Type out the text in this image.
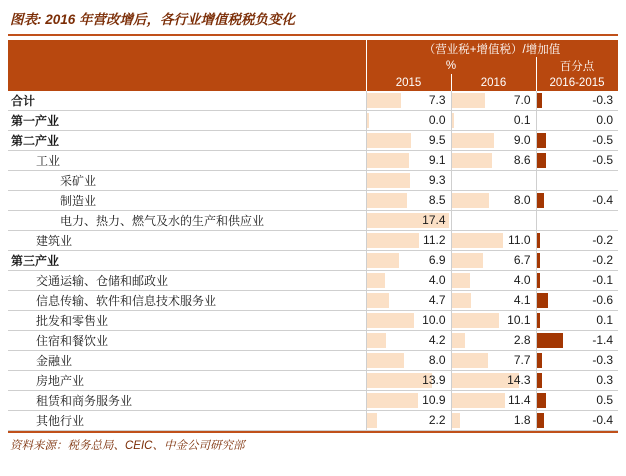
图表: 2016 年营改增后，各行业增值税税负变化
	（营业税+增值税）/增加值		
	%		百分点
	2015	2016	2016-2015
合计	7.3	7.0	-0.3

第一产业	0.0	0.1	0.0

第二产业	9.5	9.0	-0.5

工业	9.1	8.6	-0.5

采矿业	9.3		

制造业	8.5	8.0	-0.4

电力、热力、燃气及水的生产和供应业	17.4		

建筑业	11.2	11.0	-0.2

第三产业	6.9	6.7	-0.2

交通运输、仓储和邮政业	4.0	4.0	-0.1

信息传输、软件和信息技术服务业	4.7	4.1	-0.6

批发和零售业	10.0	10.1	0.1

住宿和餐饮业	4.2	2.8	-1.4

金融业	8.0	7.7	-0.3

房地产业	13.9	14.3	0.3

租赁和商务服务业	10.9	11.4	0.5

其他行业	2.2	1.8	-0.4
资料来源：税务总局、CEIC、中金公司研究部
